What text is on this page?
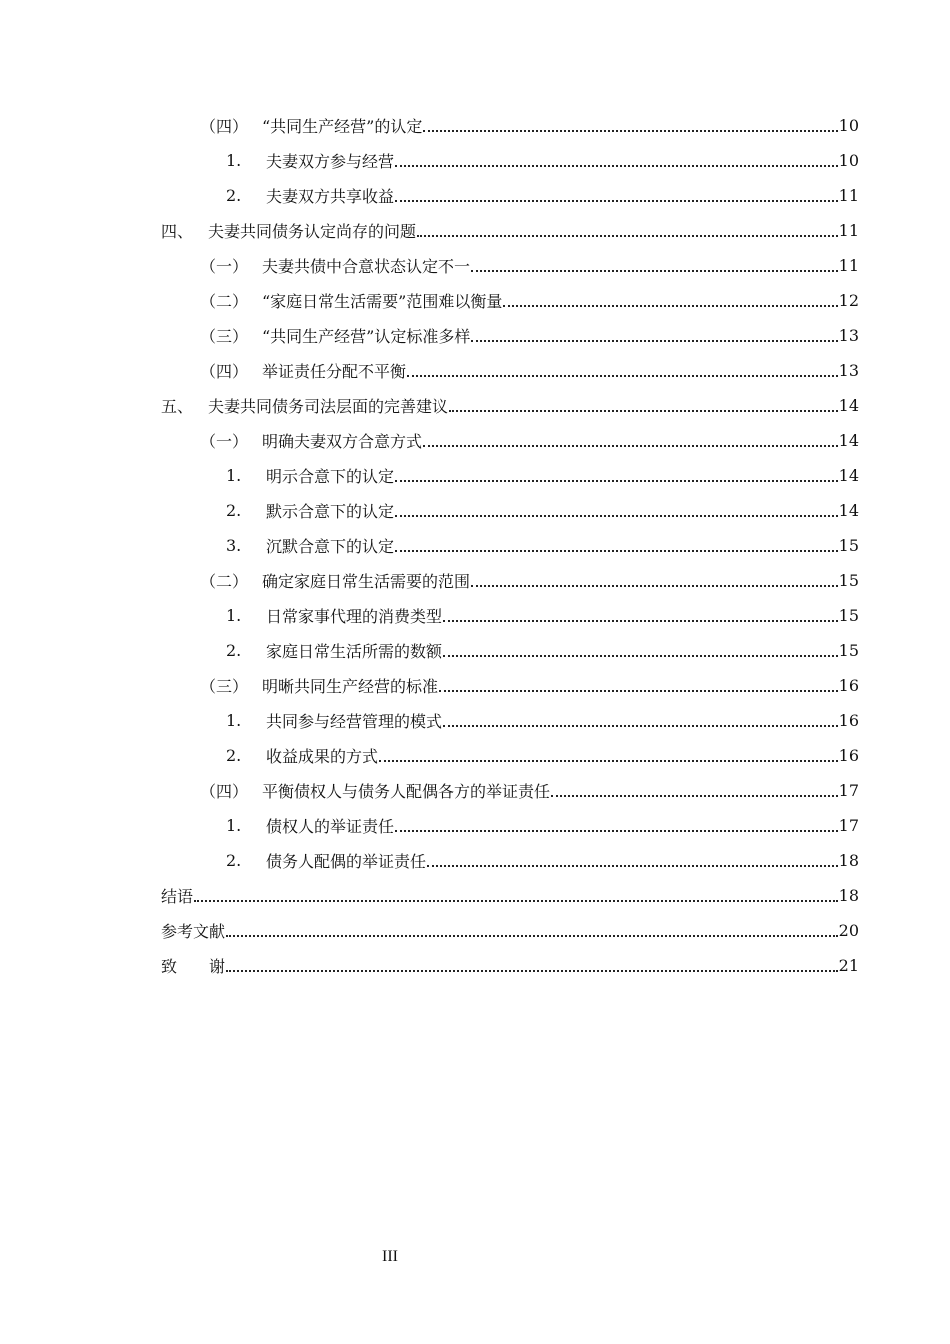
（四） “共同生产经营”的认定	10
1.	夫妻双方参与经营	10
2.	夫妻双方共享收益	11
四、 夫妻共同债务认定尚存的问题	11
（一） 夫妻共债中合意状态认定不一	11
（二） “家庭日常生活需要”范围难以衡量	12
（三） “共同生产经营”认定标准多样	13
（四） 举证责任分配不平衡	13
五、 夫妻共同债务司法层面的完善建议	14
（一） 明确夫妻双方合意方式	14
1.	明示合意下的认定	14
2.	默示合意下的认定	14
3.	沉默合意下的认定	15
（二） 确定家庭日常生活需要的范围	15
1.	日常家事代理的消费类型	15
2.	家庭日常生活所需的数额	15
（三） 明晰共同生产经营的标准	16
1.	共同参与经营管理的模式	16
2.	收益成果的方式	16
（四） 平衡债权人与债务人配偶各方的举证责任	17
1.	债权人的举证责任	17
2.	债务人配偶的举证责任	18
结语	18
参考文献	20
致　　谢	21
III
